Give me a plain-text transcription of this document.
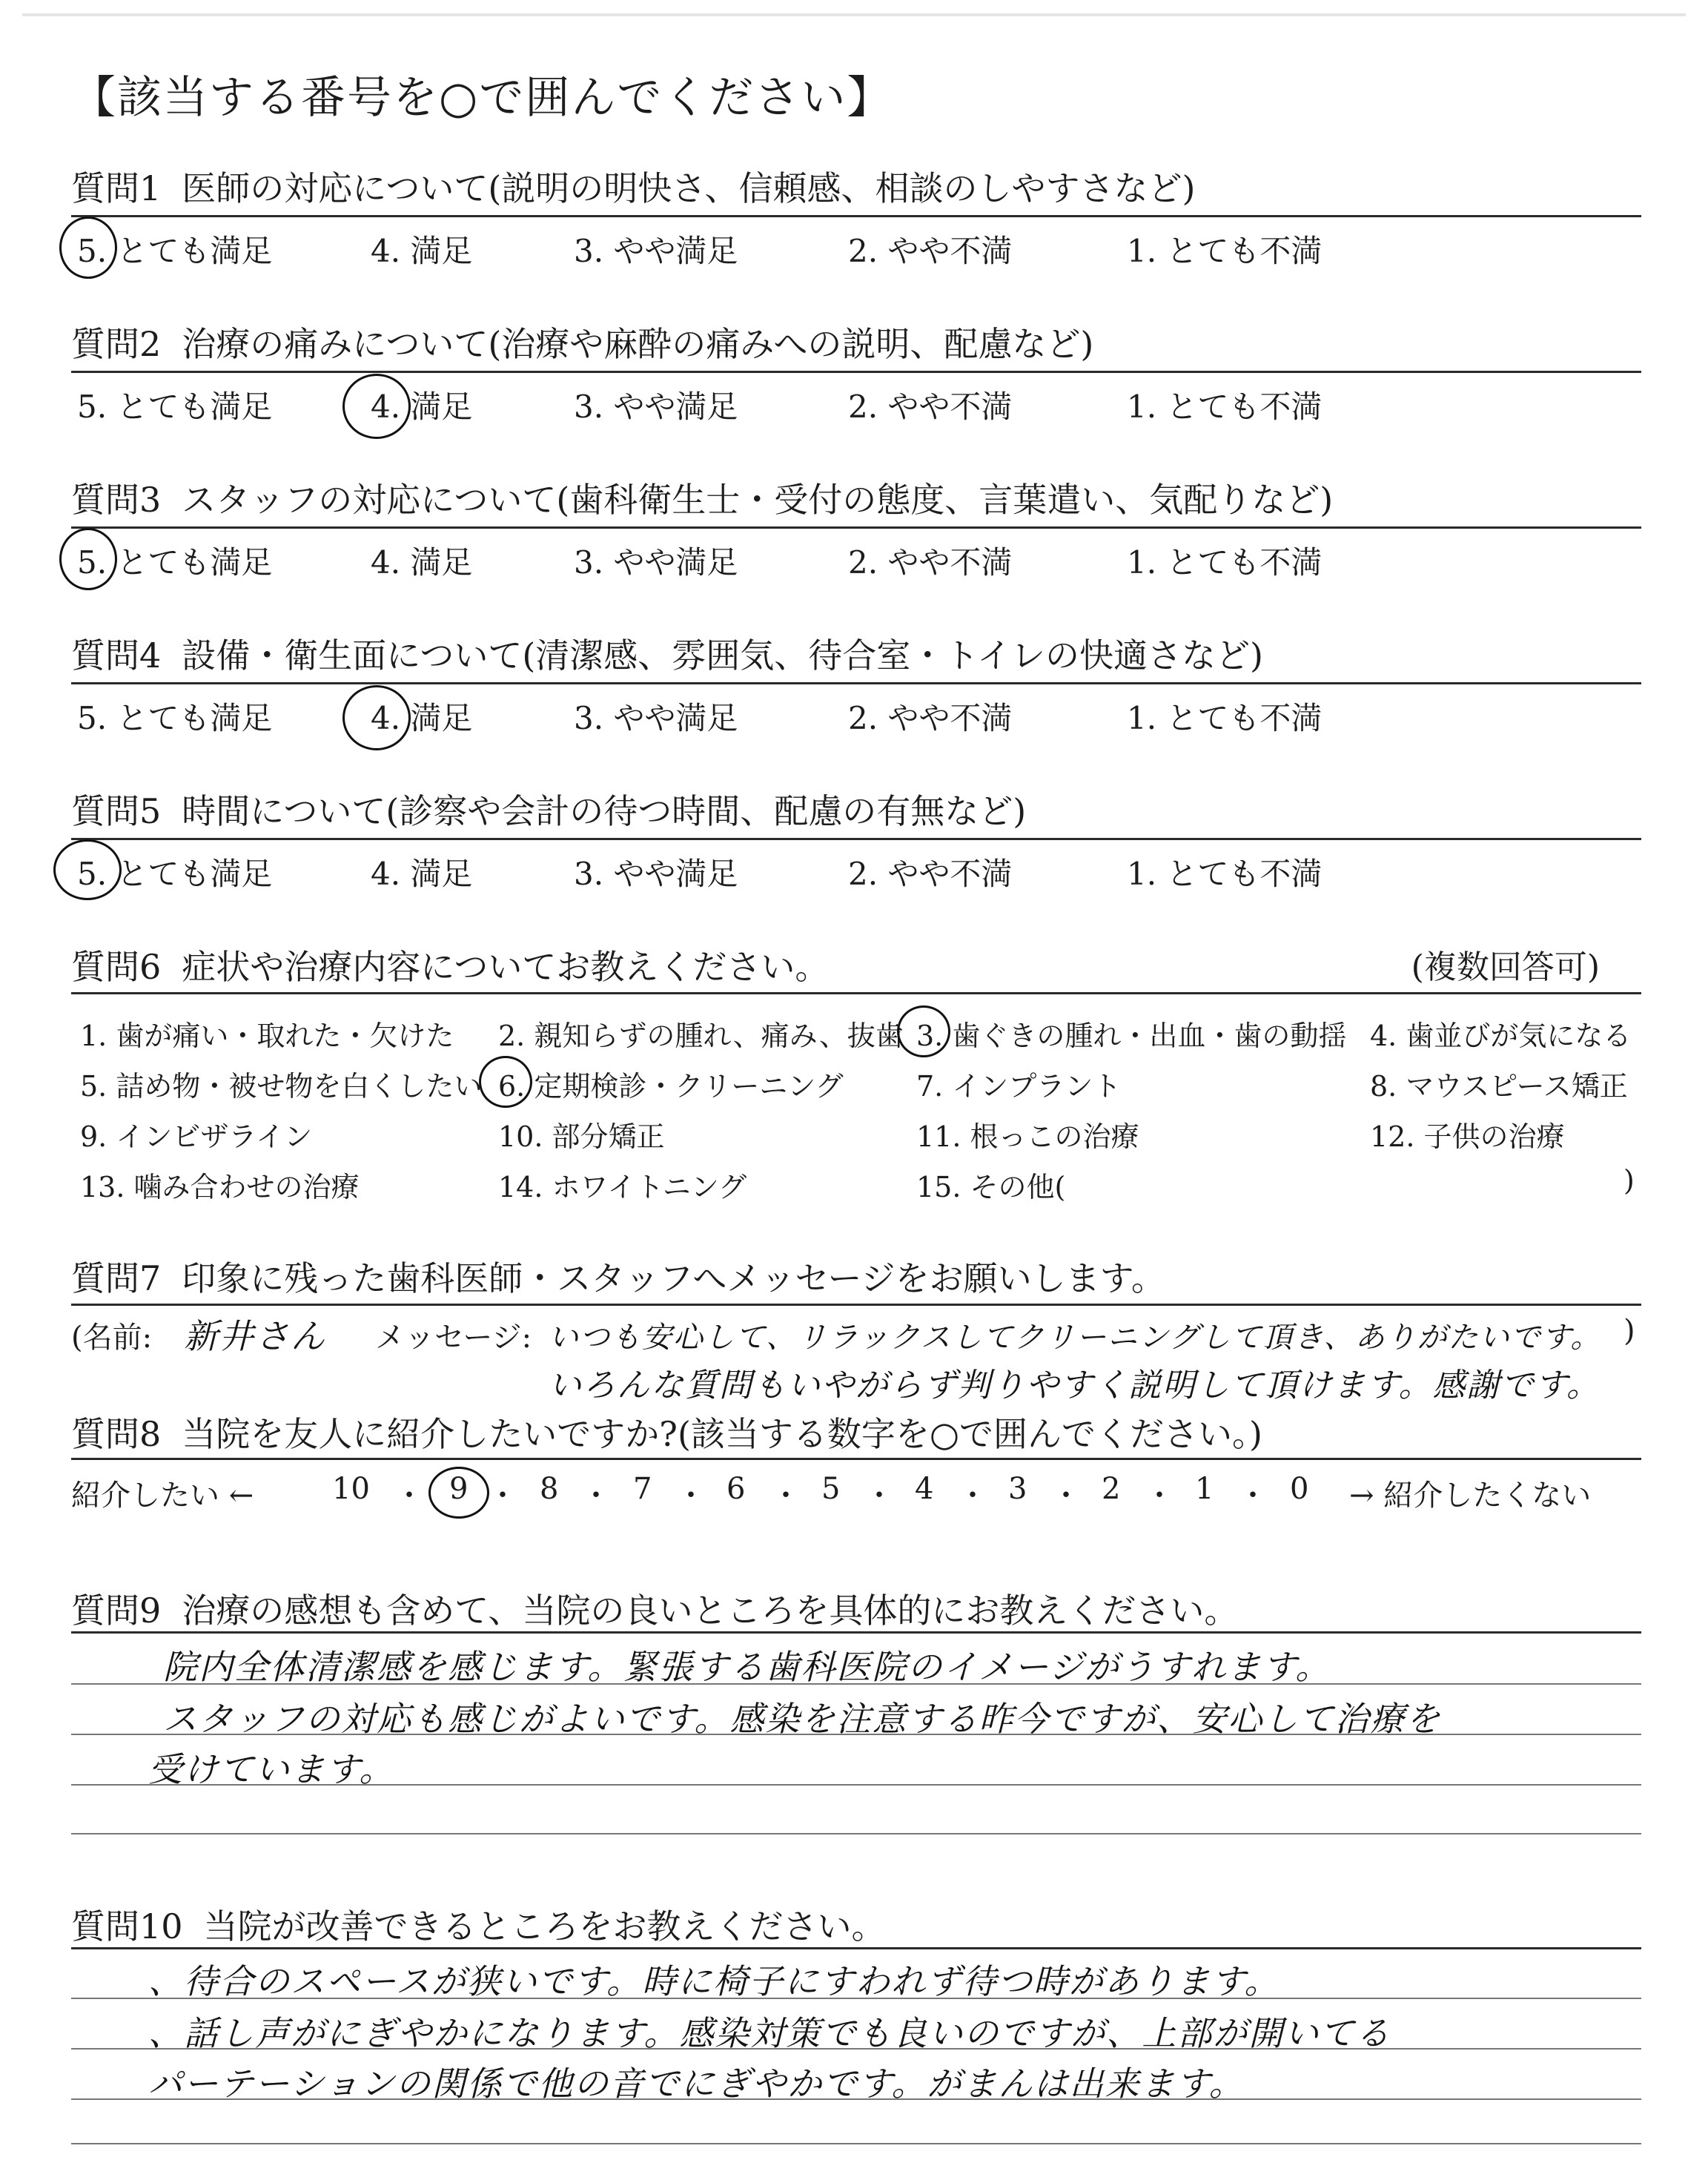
【該当する番号を○で囲んでください】
質問1 医師の対応について(説明の明快さ、信頼感、相談のしやすさなど)
5. とても満足	4. 満足	3. やや満足	2. やや不満	1. とても不満
質問2 治療の痛みについて(治療や麻酔の痛みへの説明、配慮など)
5. とても満足	4. 満足	3. やや満足	2. やや不満	1. とても不満
質問3 スタッフの対応について(歯科衛生士・受付の態度、言葉遣い、気配りなど)
5. とても満足	4. 満足	3. やや満足	2. やや不満	1. とても不満
質問4 設備・衛生面について(清潔感、雰囲気、待合室・トイレの快適さなど)
5. とても満足	4. 満足	3. やや満足	2. やや不満	1. とても不満
質問5 時間について(診察や会計の待つ時間、配慮の有無など)
5. とても満足	4. 満足	3. やや満足	2. やや不満	1. とても不満
質問6 症状や治療内容についてお教えください。	(複数回答可)
1. 歯が痛い・取れた・欠けた 2. 親知らずの腫れ、痛み、抜歯 3. 歯ぐきの腫れ・出血・歯の動揺 4. 歯並びが気になる
5. 詰め物・被せ物を白くしたい 6. 定期検診・クリーニング	7. インプラント	8. マウスピース矯正
9. インビザライン	10. 部分矯正	11. 根っこの治療	12. 子供の治療
13. 噛み合わせの治療	14. ホワイトニング	15. その他(	)
質問7 印象に残った歯科医師・スタッフへメッセージをお願いします。
(名前: 新井さん メッセージ: いつも安心して、リラックスしてクリーニングして頂き、ありがたいです。 )
いろんな質問もいやがらず判りやすく説明して頂けます。感謝です。
質問8 当院を友人に紹介したいですか?(該当する数字を○で囲んでください。)
紹介したい ←	10 ・ 9 ・ 8 ・ 7 ・ 6 ・ 5 ・ 4 ・ 3 ・ 2 ・ 1 ・ 0 → 紹介したくない
質問9 治療の感想も含めて、当院の良いところを具体的にお教えください。
院内全体清潔感を感じます。緊張する歯科医院のイメージがうすれます。
スタッフの対応も感じがよいです。感染を注意する昨今ですが、安心して治療を
受けています。
質問10 当院が改善できるところをお教えください。
、待合のスペースが狭いです。時に椅子にすわれず待つ時があります。
、話し声がにぎやかになります。感染対策でも良いのですが、上部が開いてる
パーテーションの関係で他の音でにぎやかです。がまんは出来ます。
